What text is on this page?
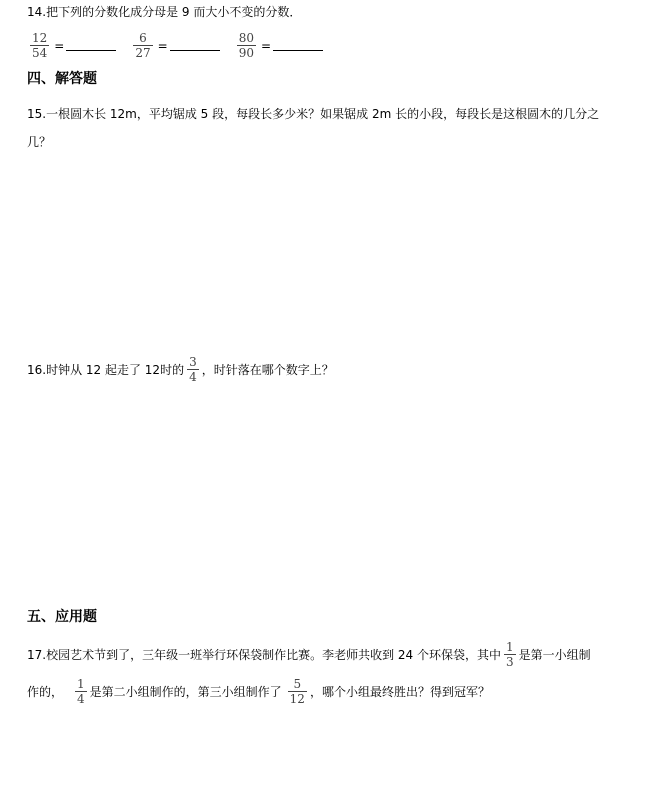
14.把下列的分数化成分母是 9 而大小不变的分数．
$\frac{12}{54}$ =	$\frac{6}{27}$ =	$\frac{80}{90}$ =
四、解答题
15.一根圆木长 12m，平均锯成 5 段，每段长多少米？如果锯成 2m 长的小段，每段长是这根圆木的几分之
几？
16.时钟从 12 起走了 12时的 $\frac{3}{4}$ ，时针落在哪个数字上？
五、应用题
17.校园艺术节到了，三年级一班举行环保袋制作比赛。李老师共收到 24 个环保袋，其中 $\frac{1}{3}$ 是第一小组制
作的， $\frac{1}{4}$ 是第二小组制作的，第三小组制作了 $\frac{5}{12}$ ，哪个小组最终胜出？得到冠军？
